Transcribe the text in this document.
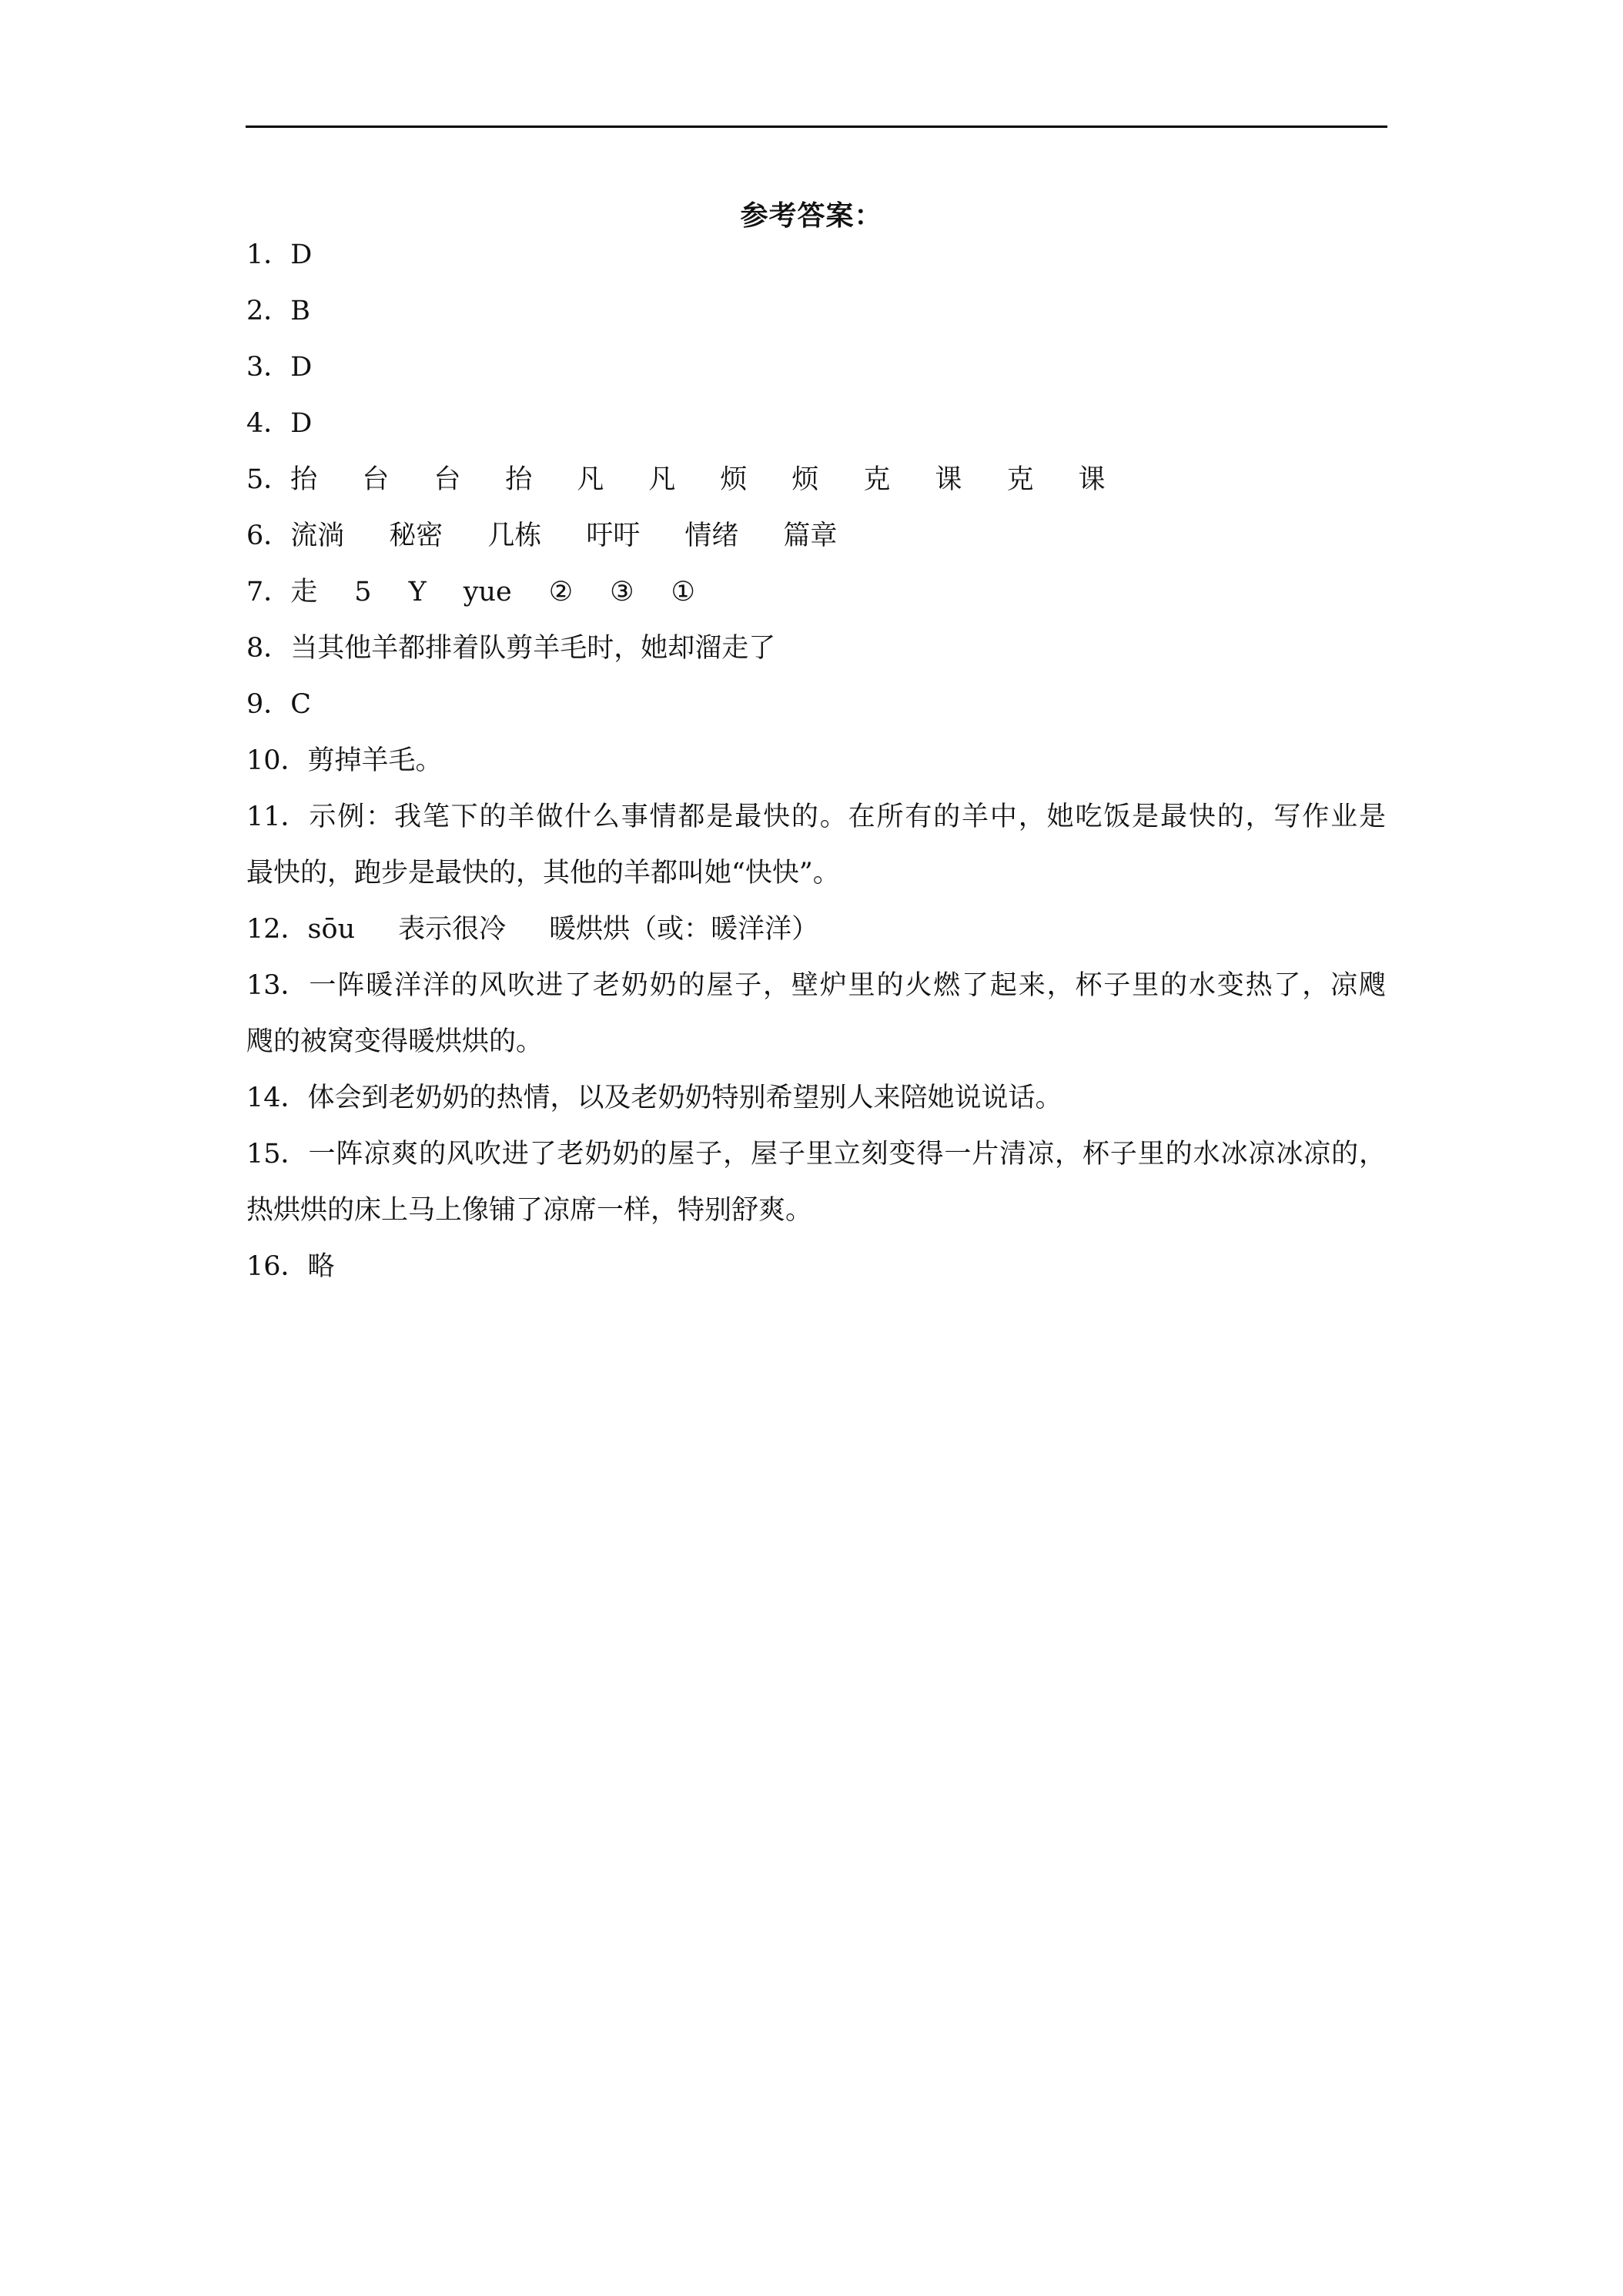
参考答案：
1．D
2．B
3．D
4．D
5．抬 台 台 抬 凡 凡 烦 烦 克 课 克 课
6．流淌 秘密 几栋 吁吁 情绪 篇章
7．走 5 Y yue ② ③ ①
8．当其他羊都排着队剪羊毛时，她却溜走了
9．C
10．剪掉羊毛。
11．示例：我笔下的羊做什么事情都是最快的。在所有的羊中，她吃饭是最快的，写作业是
最快的，跑步是最快的，其他的羊都叫她“快快”。
12．sōu 表示很冷 暖烘烘（或：暖洋洋）
13．一阵暖洋洋的风吹进了老奶奶的屋子，壁炉里的火燃了起来，杯子里的水变热了，凉飕
飕的被窝变得暖烘烘的。
14．体会到老奶奶的热情，以及老奶奶特别希望别人来陪她说说话。
15．一阵凉爽的风吹进了老奶奶的屋子，屋子里立刻变得一片清凉，杯子里的水冰凉冰凉的，
热烘烘的床上马上像铺了凉席一样，特别舒爽。
16．略
